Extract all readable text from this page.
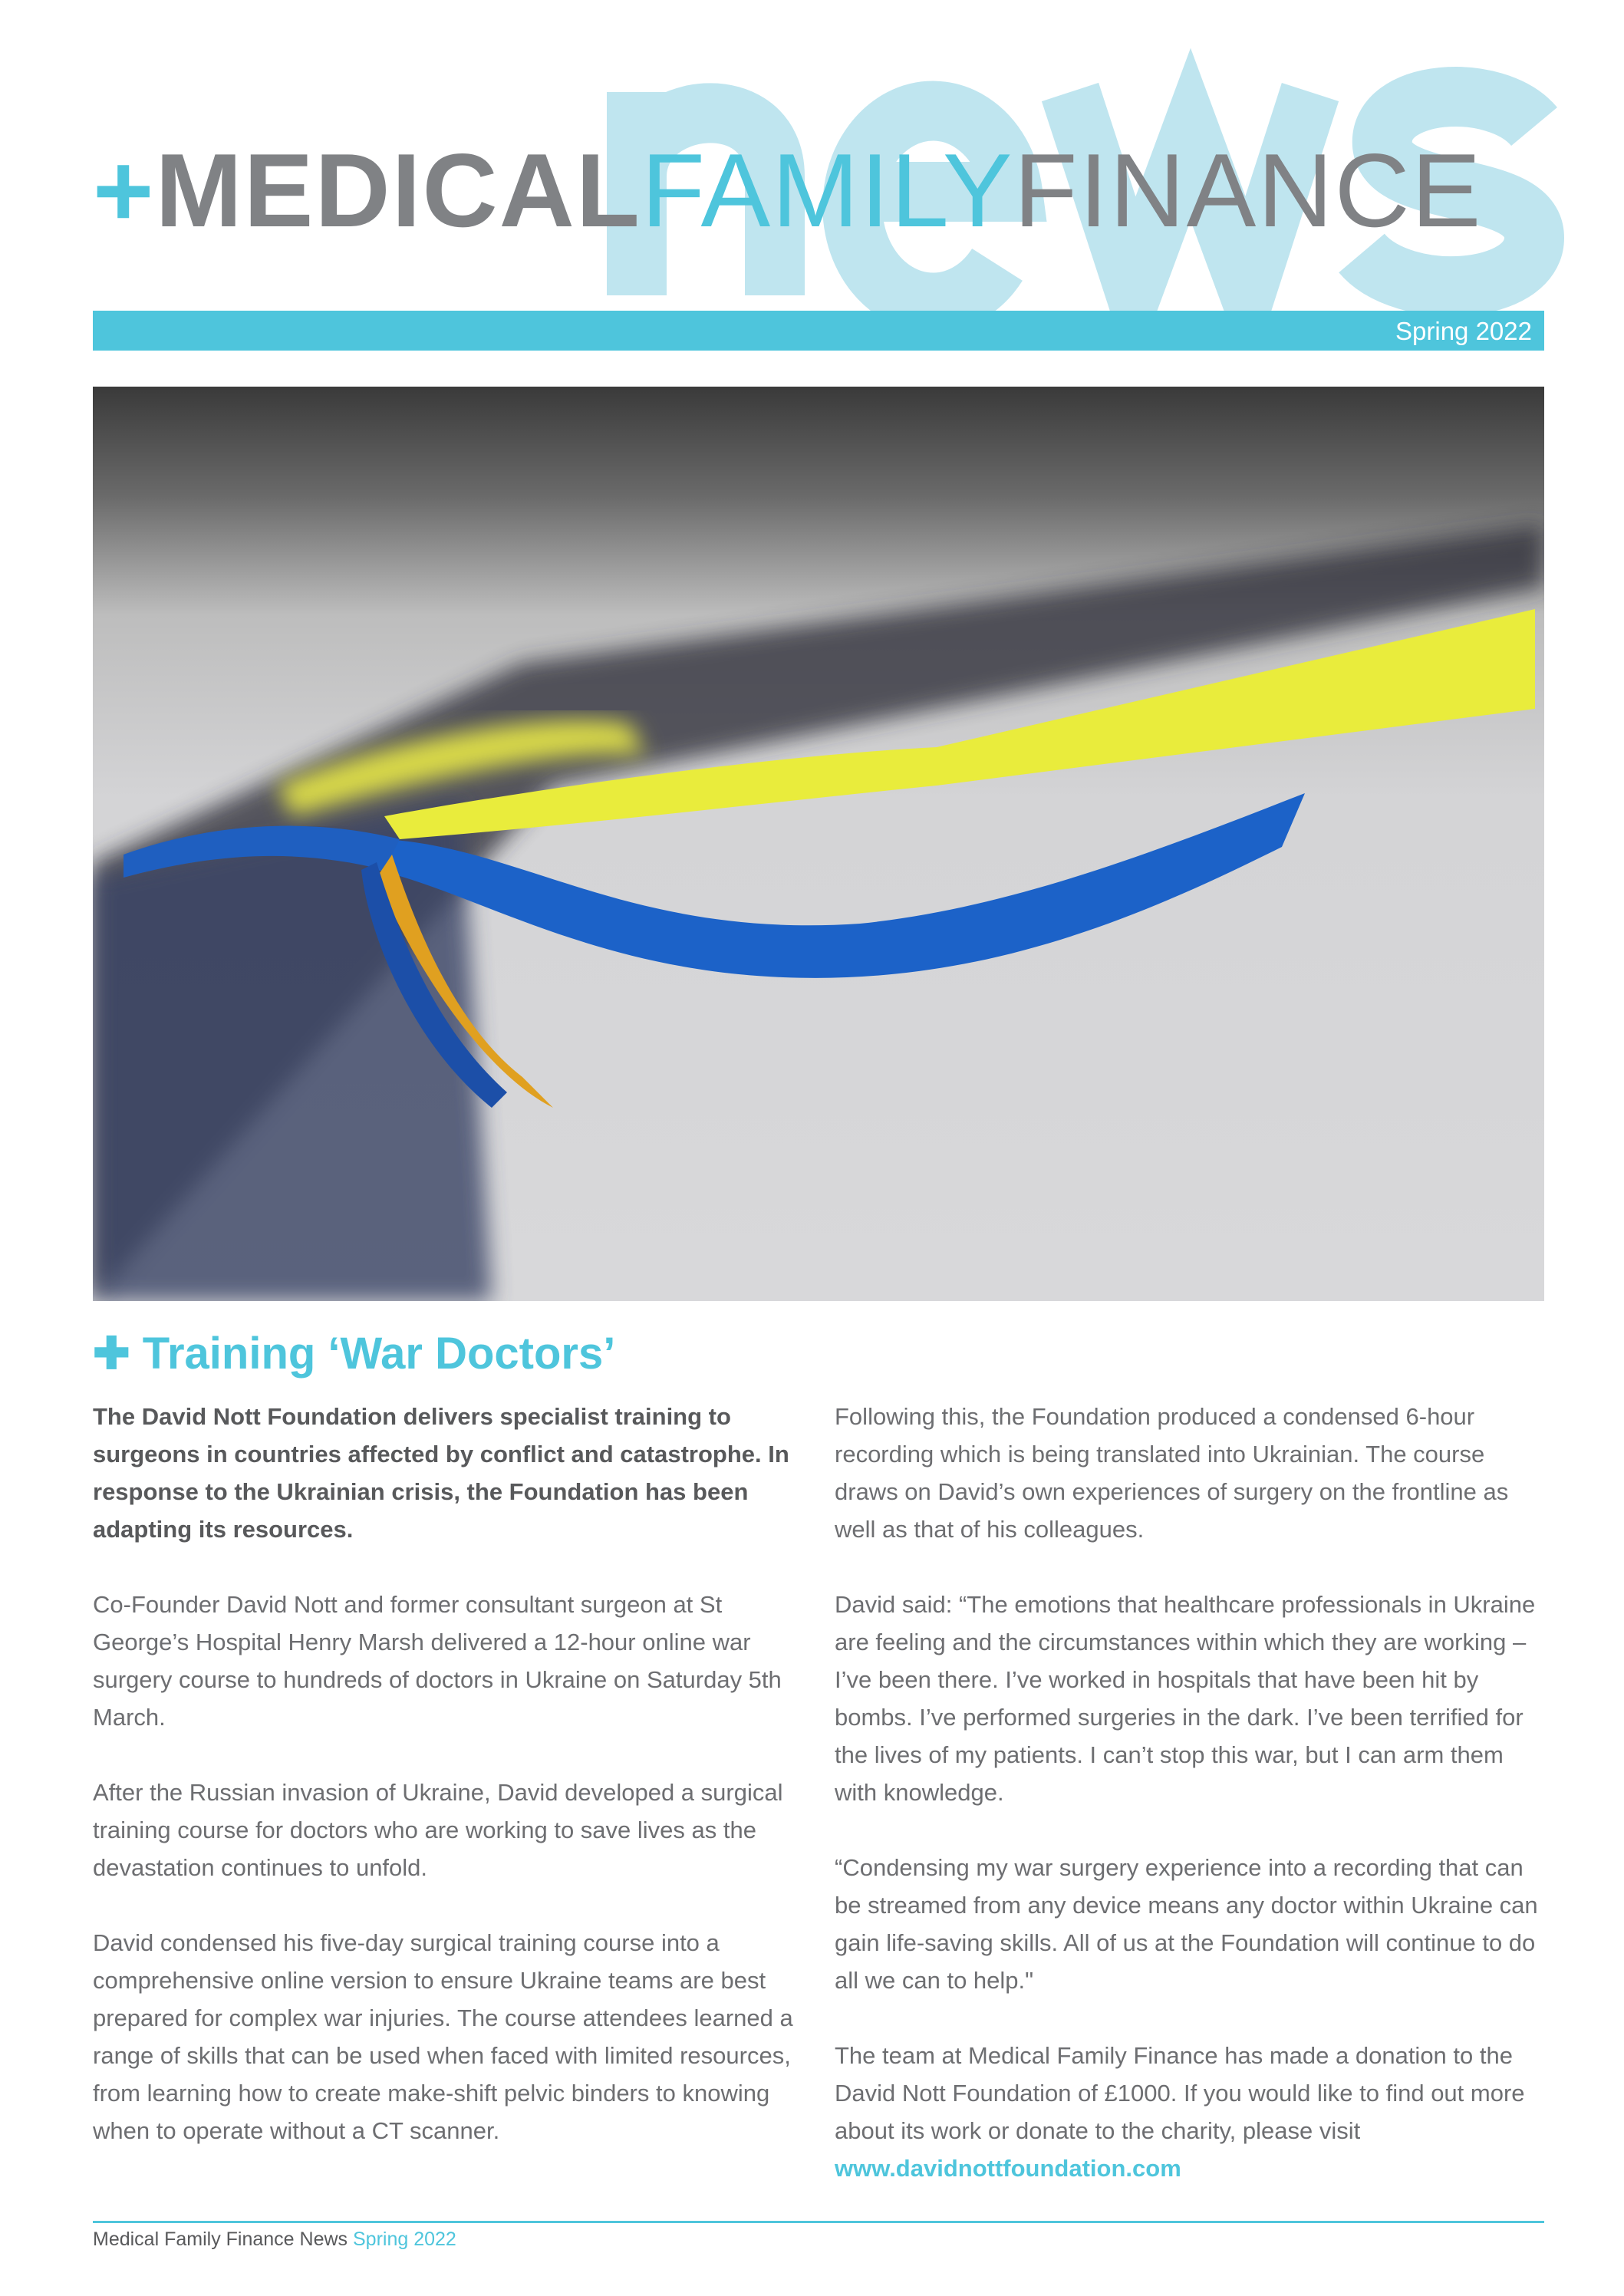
+MEDICALFAMILYFINANCE
Spring 2022
✚ Training ‘War Doctors’

The David Nott Foundation delivers specialist training to surgeons in countries affected by conflict and catastrophe. In response to the Ukrainian crisis, the Foundation has been adapting its resources.

Co-Founder David Nott and former consultant surgeon at St George’s Hospital Henry Marsh delivered a 12-hour online war surgery course to hundreds of doctors in Ukraine on Saturday 5th March.

After the Russian invasion of Ukraine, David developed a surgical training course for doctors who are working to save lives as the devastation continues to unfold.

David condensed his five-day surgical training course into a comprehensive online version to ensure Ukraine teams are best prepared for complex war injuries. The course attendees learned a range of skills that can be used when faced with limited resources, from learning how to create make-shift pelvic binders to knowing when to operate without a CT scanner.

Following this, the Foundation produced a condensed 6-hour recording which is being translated into Ukrainian. The course draws on David’s own experiences of surgery on the frontline as well as that of his colleagues.

David said: “The emotions that healthcare professionals in Ukraine are feeling and the circumstances within which they are working – I’ve been there. I’ve worked in hospitals that have been hit by bombs. I’ve performed surgeries in the dark. I’ve been terrified for the lives of my patients. I can’t stop this war, but I can arm them with knowledge.

“Condensing my war surgery experience into a recording that can be streamed from any device means any doctor within Ukraine can gain life-saving skills. All of us at the Foundation will continue to do all we can to help."

The team at Medical Family Finance has made a donation to the David Nott Foundation of £1000. If you would like to find out more about its work or donate to the charity, please visit
www.davidnottfoundation.com

Medical Family Finance News Spring 2022
